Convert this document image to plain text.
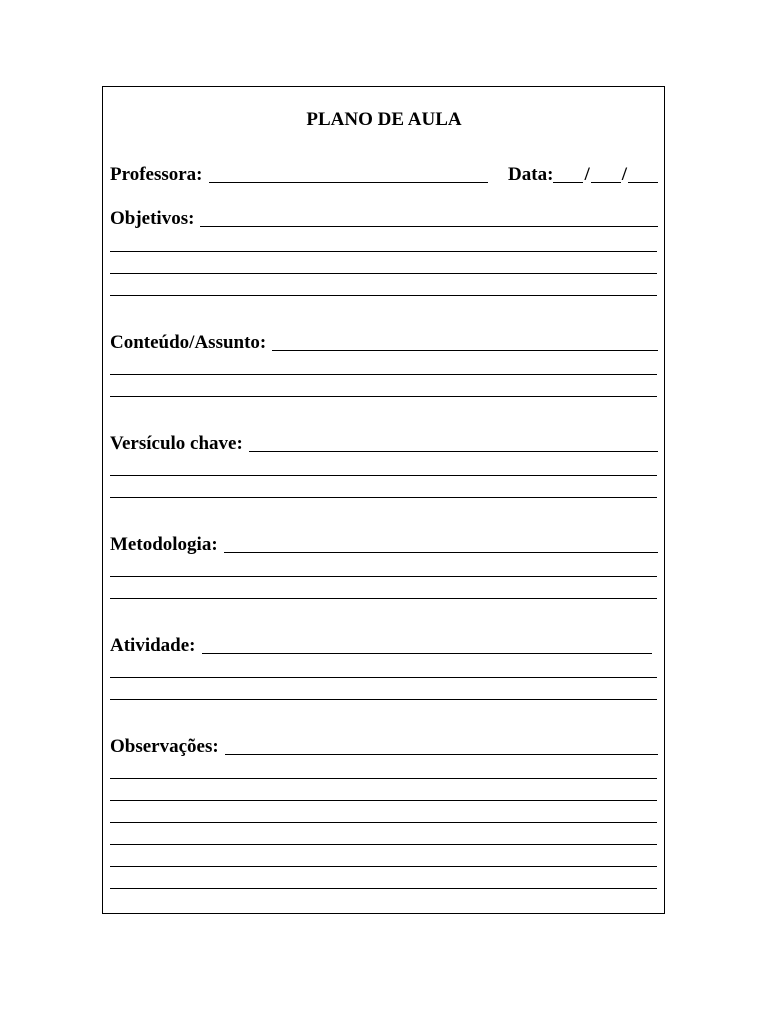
PLANO DE AULA
Professora:	Data: / /
Objetivos:
Conteúdo/Assunto:
Versículo chave:
Metodologia:
Atividade:
Observações:
